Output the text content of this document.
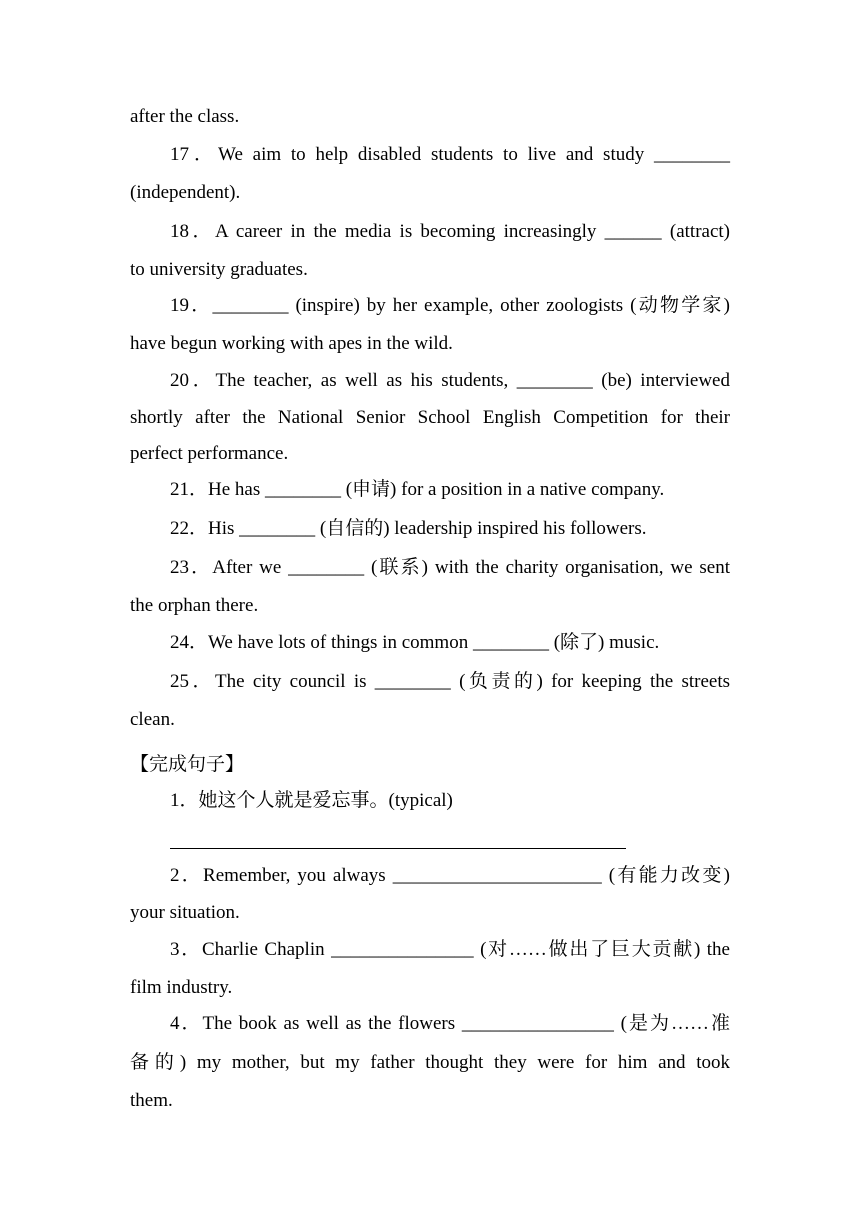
after the class.
17．We aim to help disabled students to live and study ________
(independent).
18．A career in the media is becoming increasingly ______ (attract)
to university graduates.
19．________ (inspire) by her example, other zoologists (动物学家)
have begun working with apes in the wild.
20．The teacher, as well as his students, ________ (be) interviewed
shortly after the National Senior School English Competition for their
perfect performance.
21．He has ________ (申请) for a position in a native company.
22．His ________ (自信的) leadership inspired his followers.
23．After we ________ (联系) with the charity organisation, we sent
the orphan there.
24．We have lots of things in common ________ (除了) music.
25．The city council is ________ (负责的) for keeping the streets
clean.
【完成句子】
1．她这个人就是爱忘事。(typical)
2．Remember, you always ______________________ (有能力改变)
your situation.
3．Charlie Chaplin _______________ (对……做出了巨大贡献) the
film industry.
4．The book as well as the flowers ________________ (是为……准
备的) my mother, but my father thought they were for him and took
them.
